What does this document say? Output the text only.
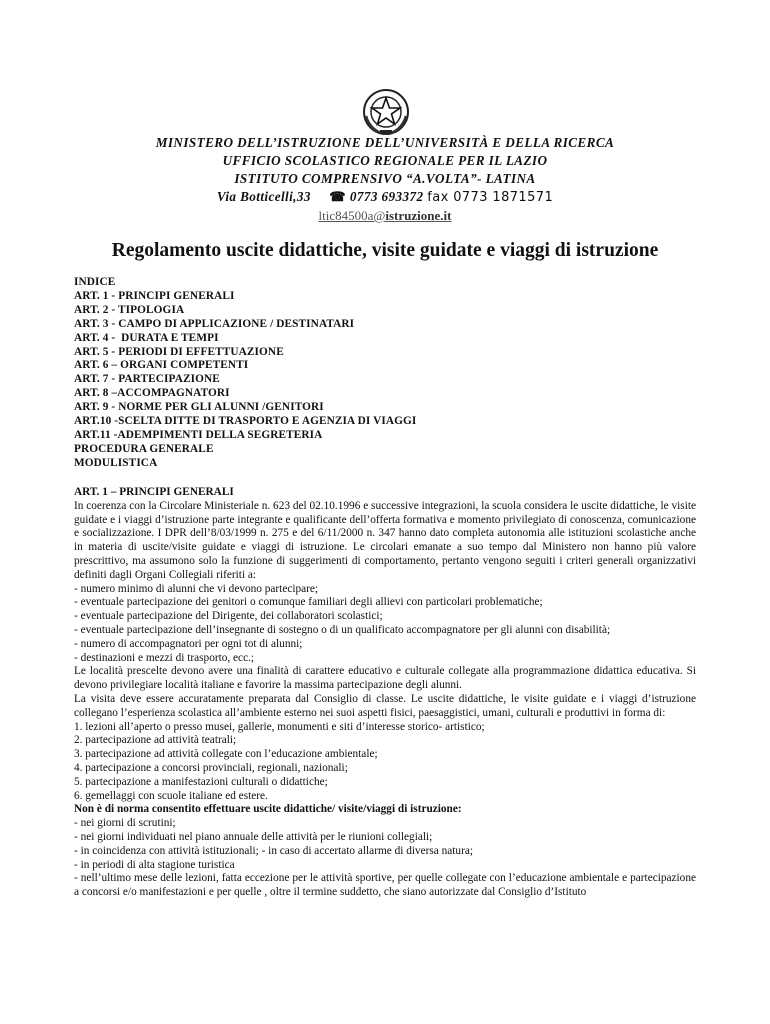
MINISTERO DELL’ISTRUZIONE DELL’UNIVERSITÀ E DELLA RICERCA
UFFICIO SCOLASTICO REGIONALE PER IL LAZIO
ISTITUTO COMPRENSIVO “A.VOLTA”- LATINA
Via Botticelli,33 ☎ 0773 693372 fax 0773 1871571
ltic84500a@istruzione.it
Regolamento uscite didattiche, visite guidate e viaggi di istruzione
INDICE
ART. 1 - PRINCIPI GENERALI
ART. 2 - TIPOLOGIA
ART. 3 - CAMPO DI APPLICAZIONE / DESTINATARI
ART. 4 -  DURATA E TEMPI
ART. 5 - PERIODI DI EFFETTUAZIONE
ART. 6 – ORGANI COMPETENTI
ART. 7 - PARTECIPAZIONE
ART. 8 –ACCOMPAGNATORI
ART. 9 - NORME PER GLI ALUNNI /GENITORI
ART.10 -SCELTA DITTE DI TRASPORTO E AGENZIA DI VIAGGI
ART.11 -ADEMPIMENTI DELLA SEGRETERIA
PROCEDURA GENERALE
MODULISTICA

ART. 1 – PRINCIPI GENERALI

In coerenza con la Circolare Ministeriale n. 623 del 02.10.1996 e successive integrazioni, la scuola considera le uscite didattiche, le visite guidate e i viaggi d’istruzione parte integrante e qualificante dell’offerta formativa e momento privilegiato di conoscenza, comunicazione e socializzazione. I DPR dell’8/03/1999 n. 275 e del 6/11/2000 n. 347 hanno dato completa autonomia alle istituzioni scolastiche anche in materia di uscite/visite guidate e viaggi di istruzione. Le circolari emanate a suo tempo dal Ministero non hanno più valore prescrittivo, ma assumono solo la funzione di suggerimenti di comportamento, pertanto vengono seguiti i criteri generali organizzativi definiti dagli Organi Collegiali riferiti a:

- numero minimo di alunni che vi devono partecipare;

- eventuale partecipazione dei genitori o comunque familiari degli allievi con particolari problematiche;

- eventuale partecipazione del Dirigente, dei collaboratori scolastici;

- eventuale partecipazione dell’insegnante di sostegno o di un qualificato accompagnatore per gli alunni con disabilità;

- numero di accompagnatori per ogni tot di alunni;

- destinazioni e mezzi di trasporto, ecc.;

Le località prescelte devono avere una finalità di carattere educativo e culturale collegate alla programmazione didattica educativa. Si devono privilegiare località italiane e favorire la massima partecipazione degli alunni.

La visita deve essere accuratamente preparata dal Consiglio di classe. Le uscite didattiche, le visite guidate e i viaggi d’istruzione collegano l’esperienza scolastica all’ambiente esterno nei suoi aspetti fisici, paesaggistici, umani, culturali e produttivi in forma di:

1. lezioni all’aperto o presso musei, gallerie, monumenti e siti d’interesse storico- artistico;

2. partecipazione ad attività teatrali;

3. partecipazione ad attività collegate con l’educazione ambientale;

4. partecipazione a concorsi provinciali, regionali, nazionali;

5. partecipazione a manifestazioni culturali o didattiche;

6. gemellaggi con scuole italiane ed estere.

Non è di norma consentito effettuare uscite didattiche/ visite/viaggi di istruzione:

- nei giorni di scrutini;

- nei giorni individuati nel piano annuale delle attività per le riunioni collegiali;

- in coincidenza con attività istituzionali; - in caso di accertato allarme di diversa natura;

- in periodi di alta stagione turistica

- nell’ultimo mese delle lezioni, fatta eccezione per le attività sportive, per quelle collegate con l’educazione ambientale e partecipazione a concorsi e/o manifestazioni e per quelle , oltre il termine suddetto, che siano autorizzate dal Consiglio d’Istituto
